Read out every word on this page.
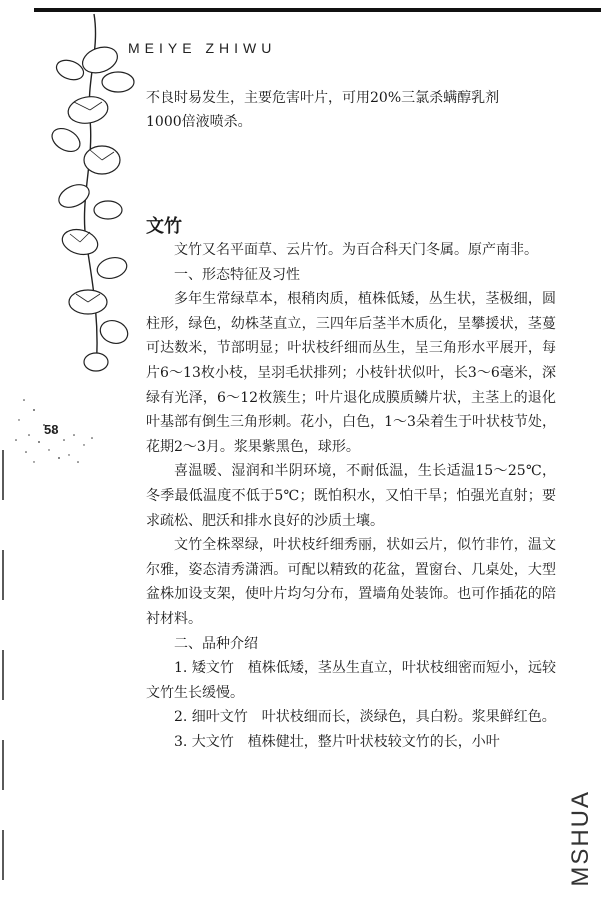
MEIYE ZHIWU
58

不良时易发生，主要危害叶片，可用20%三氯杀螨醇乳剂

1000倍液喷杀。

文竹

文竹又名平面草、云片竹。为百合科天门冬属。原产南非。

一、形态特征及习性

多年生常绿草本，根稍肉质，植株低矮，丛生状，茎极细，圆柱形，绿色，幼株茎直立，三四年后茎半木质化，呈攀援状，茎蔓可达数米，节部明显；叶状枝纤细而丛生，呈三角形水平展开，每片6～13枚小枝，呈羽毛状排列；小枝针状似叶，长3～6毫米，深绿有光泽，6～12枚簇生；叶片退化成膜质鳞片状，主茎上的退化叶基部有倒生三角形刺。花小，白色，1～3朵着生于叶状枝节处，花期2～3月。浆果紫黑色，球形。

喜温暖、湿润和半阴环境，不耐低温，生长适温15～25℃，冬季最低温度不低于5℃；既怕积水，又怕干旱；怕强光直射；要求疏松、肥沃和排水良好的沙质土壤。

文竹全株翠绿，叶状枝纤细秀丽，状如云片，似竹非竹，温文尔雅，姿态清秀潇洒。可配以精致的花盆，置窗台、几桌处，大型盆株加设支架，使叶片均匀分布，置墙角处装饰。也可作插花的陪衬材料。

二、品种介绍

1. 矮文竹　植株低矮，茎丛生直立，叶状枝细密而短小，远较文竹生长缓慢。

2. 细叶文竹　叶状枝细而长，淡绿色，具白粉。浆果鲜红色。

3. 大文竹　植株健壮，整片叶状枝较文竹的长，小叶

MSHUA
